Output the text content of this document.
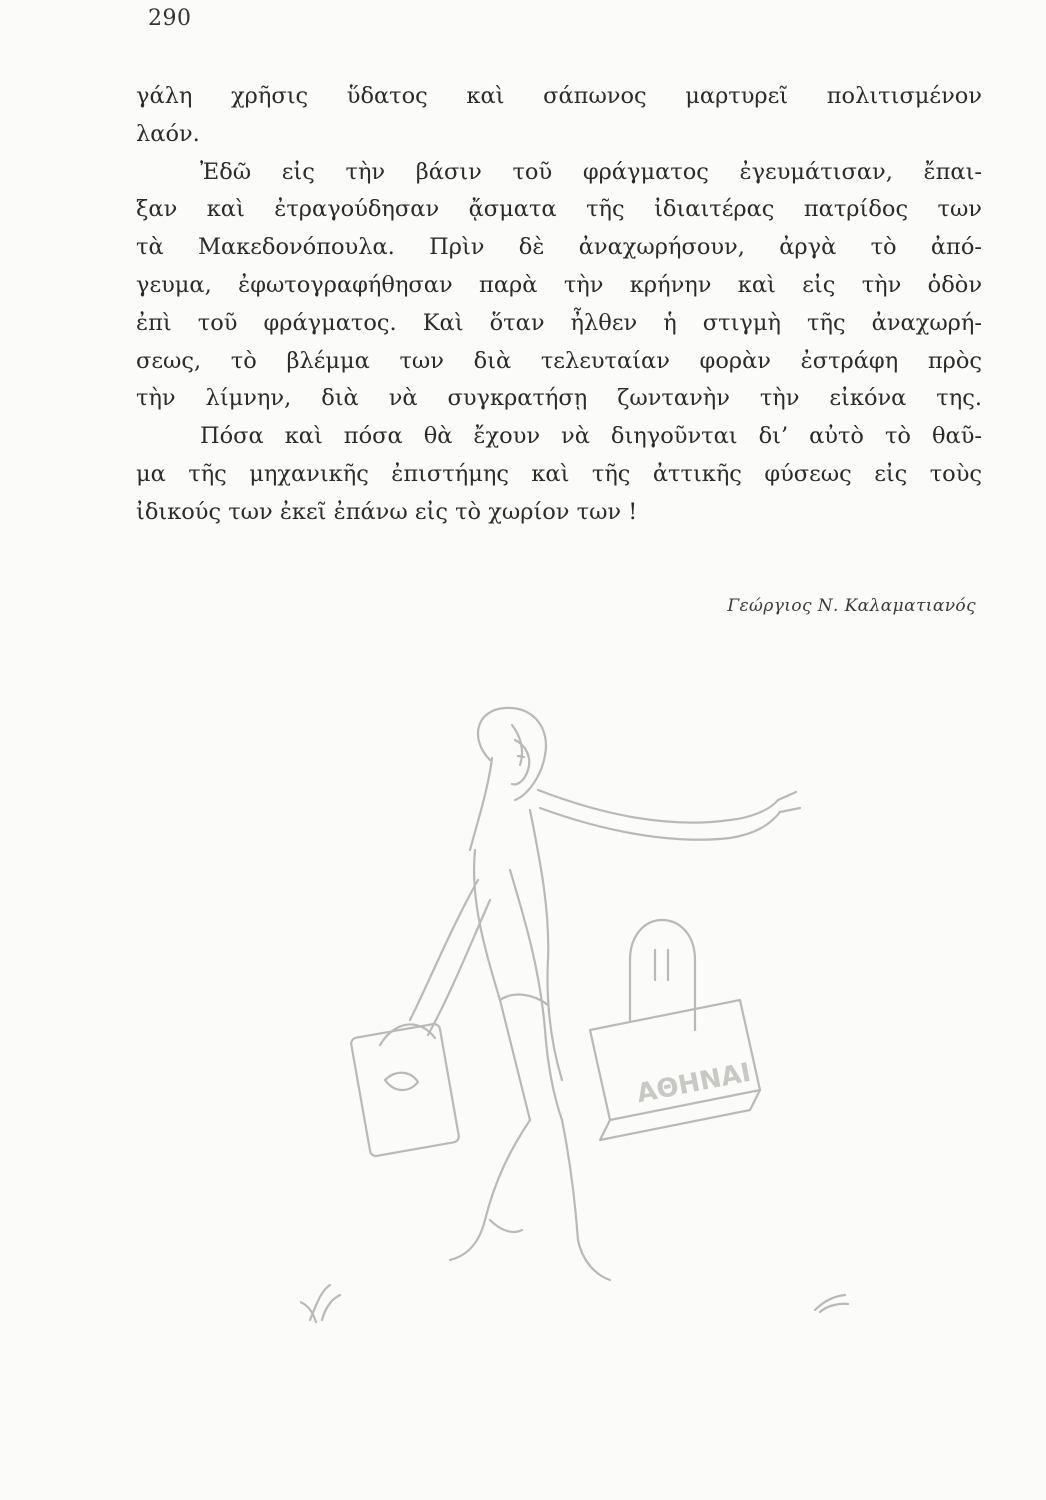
290
γάλη χρῆσις ὕδατος καὶ σάπωνος μαρτυρεῖ πολιτισμένον
λαόν.
Ἐδῶ εἰς τὴν βάσιν τοῦ φράγματος ἐγευμάτισαν, ἔπαι-
ξαν καὶ ἐτραγούδησαν ᾄσματα τῆς ἰδιαιτέρας πατρίδος των
τὰ Μακεδονόπουλα. Πρὶν δὲ ἀναχωρήσουν, ἀργὰ τὸ ἀπό-
γευμα, ἐφωτογραφήθησαν παρὰ τὴν κρήνην καὶ εἰς τὴν ὁδὸν
ἐπὶ τοῦ φράγματος. Καὶ ὅταν ἦλθεν ἡ στιγμὴ τῆς ἀναχωρή-
σεως, τὸ βλέμμα των διὰ τελευταίαν φορὰν ἐστράφη πρὸς
τὴν λίμνην, διὰ νὰ συγκρατήσῃ ζωντανὴν τὴν εἰκόνα της.
Πόσα καὶ πόσα θὰ ἔχουν νὰ διηγοῦνται δι’ αὐτὸ τὸ θαῦ-
μα τῆς μηχανικῆς ἐπιστήμης καὶ τῆς ἀττικῆς φύσεως εἰς τοὺς
ἰδικούς των ἐκεῖ ἐπάνω εἰς τὸ χωρίον των !
Γεώργιος Ν. Καλαματιανός
ΑΘΗΝΑΙ
